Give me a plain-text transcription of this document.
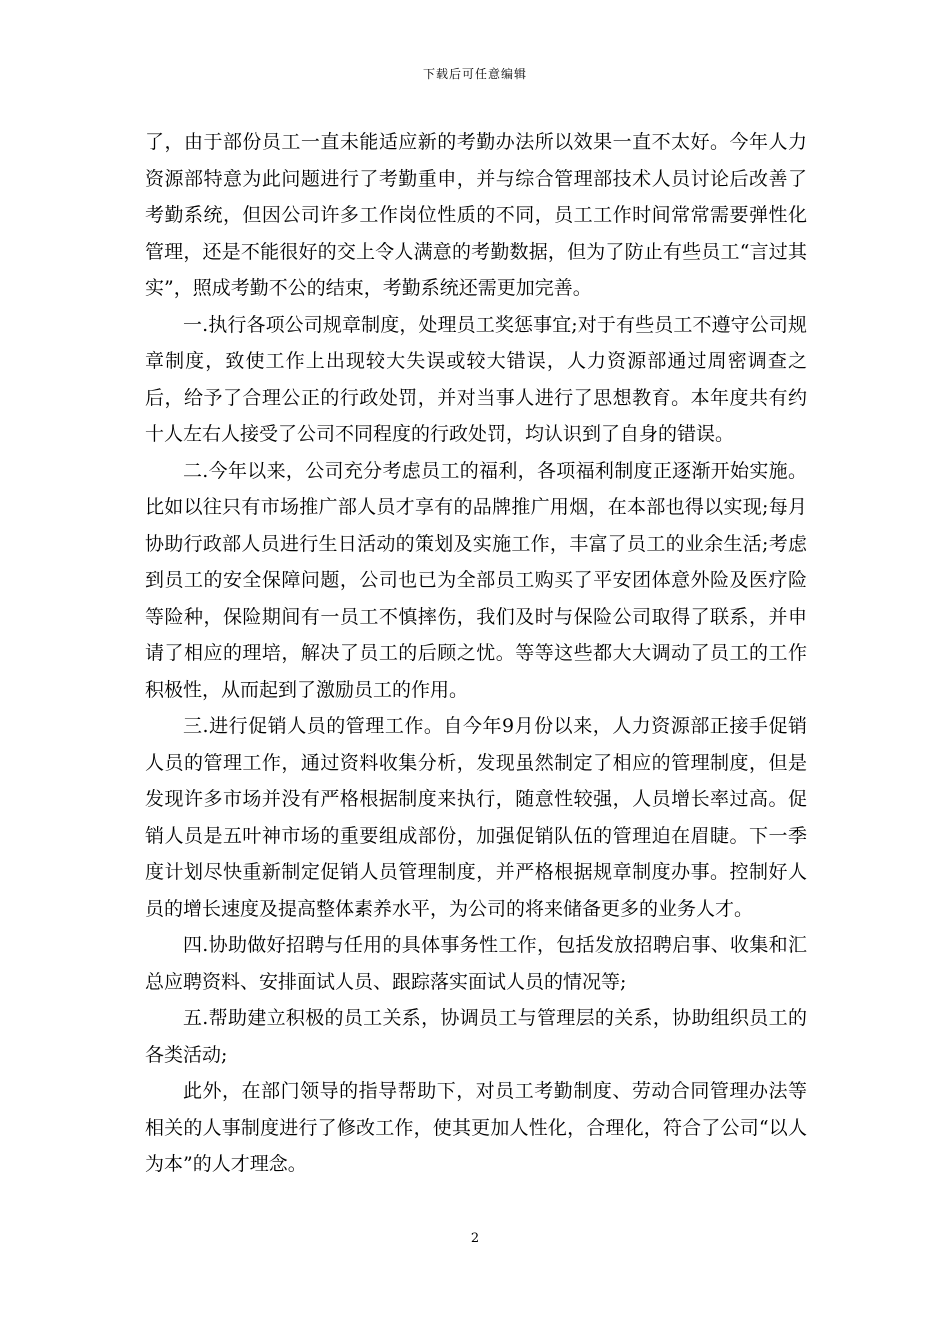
下载后可任意编辑

了，由于部份员工一直未能适应新的考勤办法所以效果一直不太好。今年人力资源部特意为此问题进行了考勤重申，并与综合管理部技术人员讨论后改善了考勤系统，但因公司许多工作岗位性质的不同，员工工作时间常常需要弹性化管理，还是不能很好的交上令人满意的考勤数据，但为了防止有些员工“言过其实”，照成考勤不公的结束，考勤系统还需更加完善。

一.执行各项公司规章制度，处理员工奖惩事宜;对于有些员工不遵守公司规章制度，致使工作上出现较大失误或较大错误，人力资源部通过周密调查之后，给予了合理公正的行政处罚，并对当事人进行了思想教育。本年度共有约十人左右人接受了公司不同程度的行政处罚，均认识到了自身的错误。

二.今年以来，公司充分考虑员工的福利，各项福利制度正逐渐开始实施。比如以往只有市场推广部人员才享有的品牌推广用烟，在本部也得以实现;每月协助行政部人员进行生日活动的策划及实施工作，丰富了员工的业余生活;考虑到员工的安全保障问题，公司也已为全部员工购买了平安团体意外险及医疗险等险种，保险期间有一员工不慎摔伤，我们及时与保险公司取得了联系，并申请了相应的理培，解决了员工的后顾之忧。等等这些都大大调动了员工的工作积极性，从而起到了激励员工的作用。

三.进行促销人员的管理工作。自今年9月份以来，人力资源部正接手促销人员的管理工作，通过资料收集分析，发现虽然制定了相应的管理制度，但是发现许多市场并没有严格根据制度来执行，随意性较强，人员增长率过高。促销人员是五叶神市场的重要组成部份，加强促销队伍的管理迫在眉睫。下一季度计划尽快重新制定促销人员管理制度，并严格根据规章制度办事。控制好人员的增长速度及提高整体素养水平，为公司的将来储备更多的业务人才。

四.协助做好招聘与任用的具体事务性工作，包括发放招聘启事、收集和汇总应聘资料、安排面试人员、跟踪落实面试人员的情况等;

五.帮助建立积极的员工关系，协调员工与管理层的关系，协助组织员工的各类活动;

此外，在部门领导的指导帮助下，对员工考勤制度、劳动合同管理办法等相关的人事制度进行了修改工作，使其更加人性化，合理化，符合了公司“以人为本”的人才理念。

2
